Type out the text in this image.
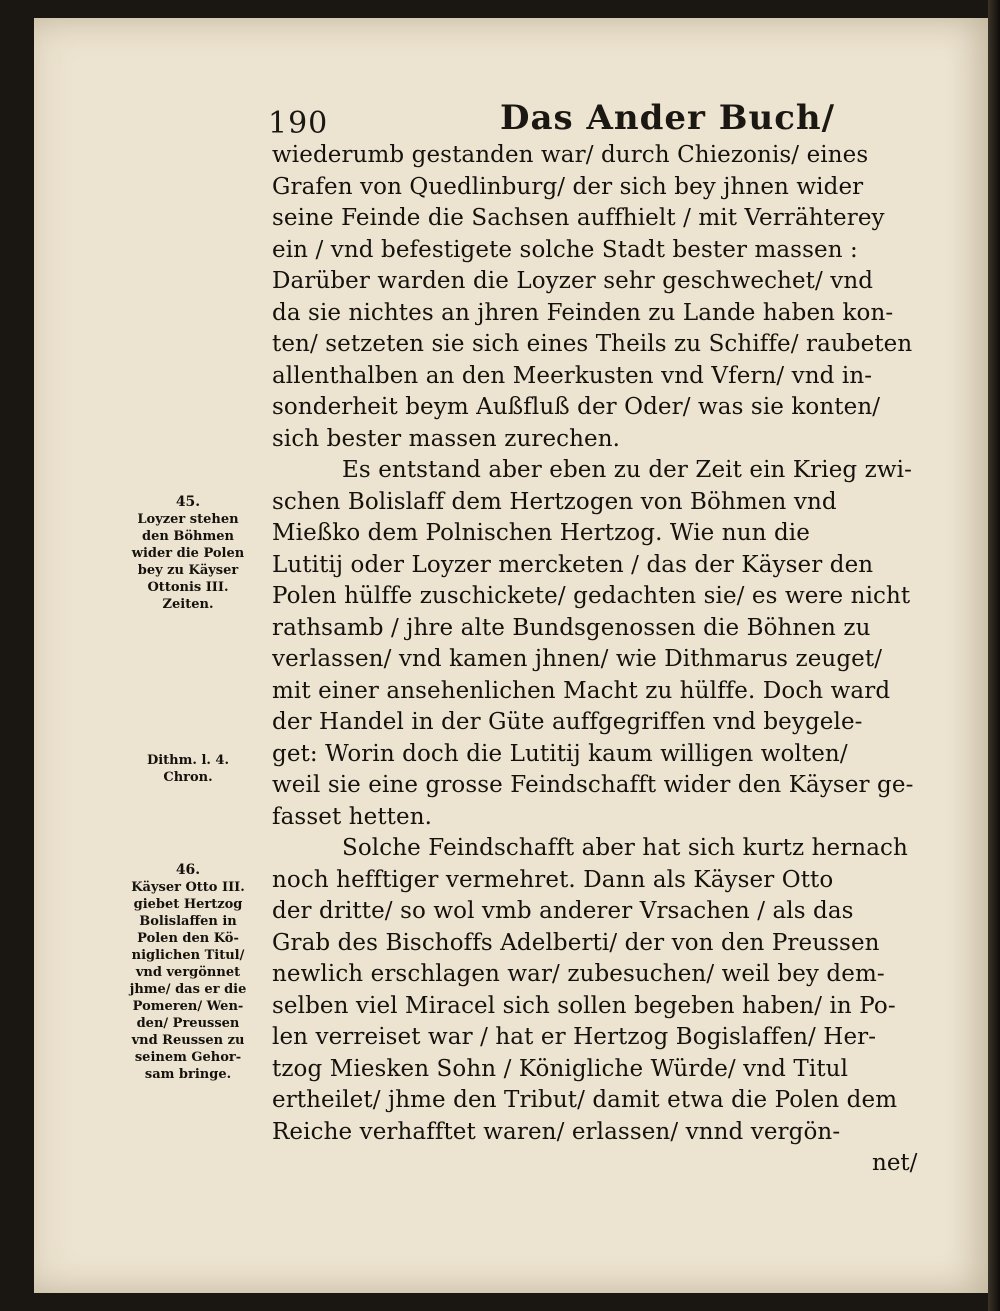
190	Das Ander Buch/
wiederumb gestanden war/ durch Chiezonis/ eines
Grafen von Quedlinburg/ der sich bey jhnen wider
seine Feinde die Sachsen auffhielt / mit Verrähterey
ein / vnd befestigete solche Stadt bester massen :
Darüber warden die Loyzer sehr geschwechet/ vnd
da sie nichtes an jhren Feinden zu Lande haben kon-
ten/ setzeten sie sich eines Theils zu Schiffe/ raubeten
allenthalben an den Meerkusten vnd Vfern/ vnd in-
sonderheit beym Außfluß der Oder/ was sie konten/
sich bester massen zurechen.
Es entstand aber eben zu der Zeit ein Krieg zwi-
schen Bolislaff dem Hertzogen von Böhmen vnd
Mießko dem Polnischen Hertzog. Wie nun die
Lutitij oder Loyzer mercketen / das der Käyser den
Polen hülffe zuschickete/ gedachten sie/ es were nicht
rathsamb / jhre alte Bundsgenossen die Böhnen zu
verlassen/ vnd kamen jhnen/ wie Dithmarus zeuget/
mit einer ansehenlichen Macht zu hülffe. Doch ward
der Handel in der Güte auffgegriffen vnd beygele-
get: Worin doch die Lutitij kaum willigen wolten/
weil sie eine grosse Feindschafft wider den Käyser ge-
fasset hetten.
Solche Feindschafft aber hat sich kurtz hernach
noch hefftiger vermehret. Dann als Käyser Otto
der dritte/ so wol vmb anderer Vrsachen / als das
Grab des Bischoffs Adelberti/ der von den Preussen
newlich erschlagen war/ zubesuchen/ weil bey dem-
selben viel Miracel sich sollen begeben haben/ in Po-
len verreiset war / hat er Hertzog Bogislaffen/ Her-
tzog Miesken Sohn / Königliche Würde/ vnd Titul
ertheilet/ jhme den Tribut/ damit etwa die Polen dem
Reiche verhafftet waren/ erlassen/ vnnd vergön-
net/
45.
Loyzer stehen
den Böhmen
wider die Polen
bey zu Käyser
Ottonis III.
Zeiten.
Dithm. l. 4.
Chron.
46.
Käyser Otto III.
giebet Hertzog
Bolislaffen in
Polen den Kö-
niglichen Titul/
vnd vergönnet
jhme/ das er die
Pomeren/ Wen-
den/ Preussen
vnd Reussen zu
seinem Gehor-
sam bringe.
